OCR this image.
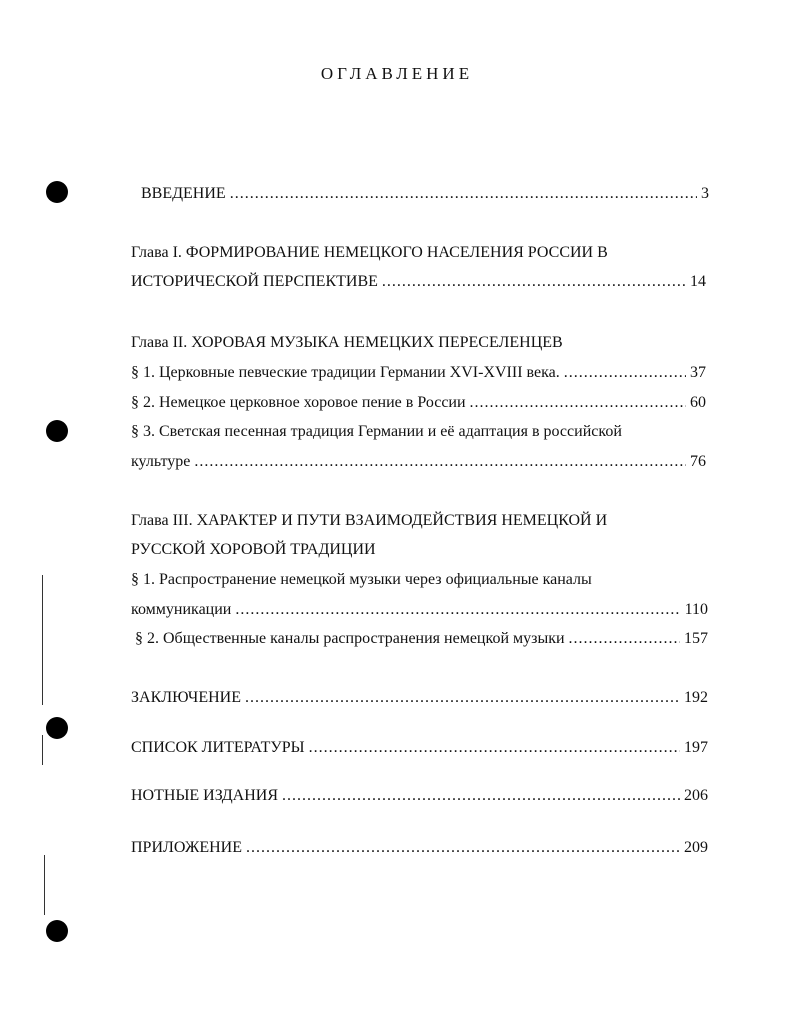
ОГЛАВЛЕНИЕ
ВВЕДЕНИЕ .....	3
Глава I. ФОРМИРОВАНИЕ НЕМЕЦКОГО НАСЕЛЕНИЯ РОССИИ В
ИСТОРИЧЕСКОЙ ПЕРСПЕКТИВЕ .....	14
Глава II. ХОРОВАЯ МУЗЫКА НЕМЕЦКИХ ПЕРЕСЕЛЕНЦЕВ
§ 1. Церковные певческие традиции Германии XVI-XVIII века. .....	37
§ 2. Немецкое церковное хоровое пение в России .....	60
§ 3. Светская песенная традиция Германии и её адаптация в российской
культуре .....	76
Глава III. ХАРАКТЕР И ПУТИ ВЗАИМОДЕЙСТВИЯ НЕМЕЦКОЙ И
РУССКОЙ ХОРОВОЙ ТРАДИЦИИ
§ 1. Распространение немецкой музыки через официальные каналы
коммуникации .....	110
§ 2. Общественные каналы распространения немецкой музыки .....	157
ЗАКЛЮЧЕНИЕ .....	192
СПИСОК ЛИТЕРАТУРЫ .....	197
НОТНЫЕ ИЗДАНИЯ .....	206
ПРИЛОЖЕНИЕ .....	209
